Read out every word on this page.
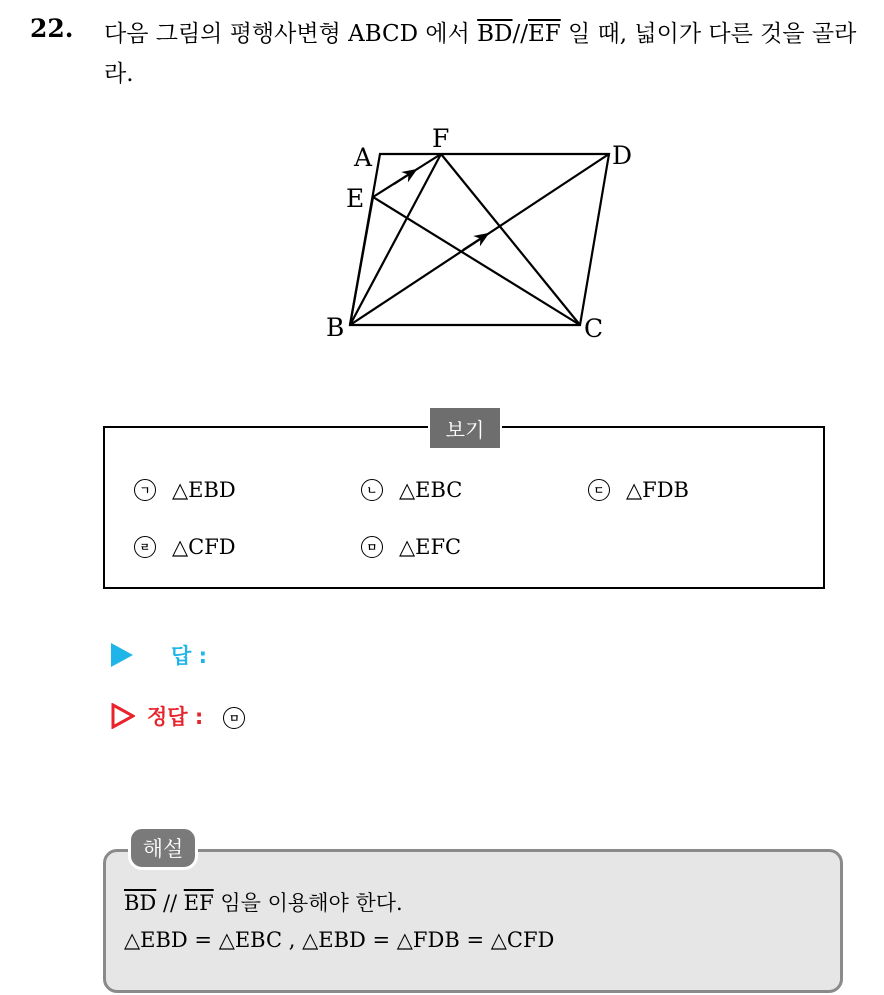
22. 다음 그림의 평행사변형 ABCD 에서 $\overline{BD}//\overline{EF}$ 일 때, 넓이가 다른 것을 골라라.
A
F
D
E
B	C
보기
ㄱ △EBD	ㄴ △EBC	ㄷ △FDB
ㄹ △CFD	ㅁ △EFC
답 :
정답 :	ㅁ
해설
$\overline{BD} // \overline{EF}$ 임을 이용해야 한다.
△EBD = △EBC , △EBD = △FDB = △CFD
